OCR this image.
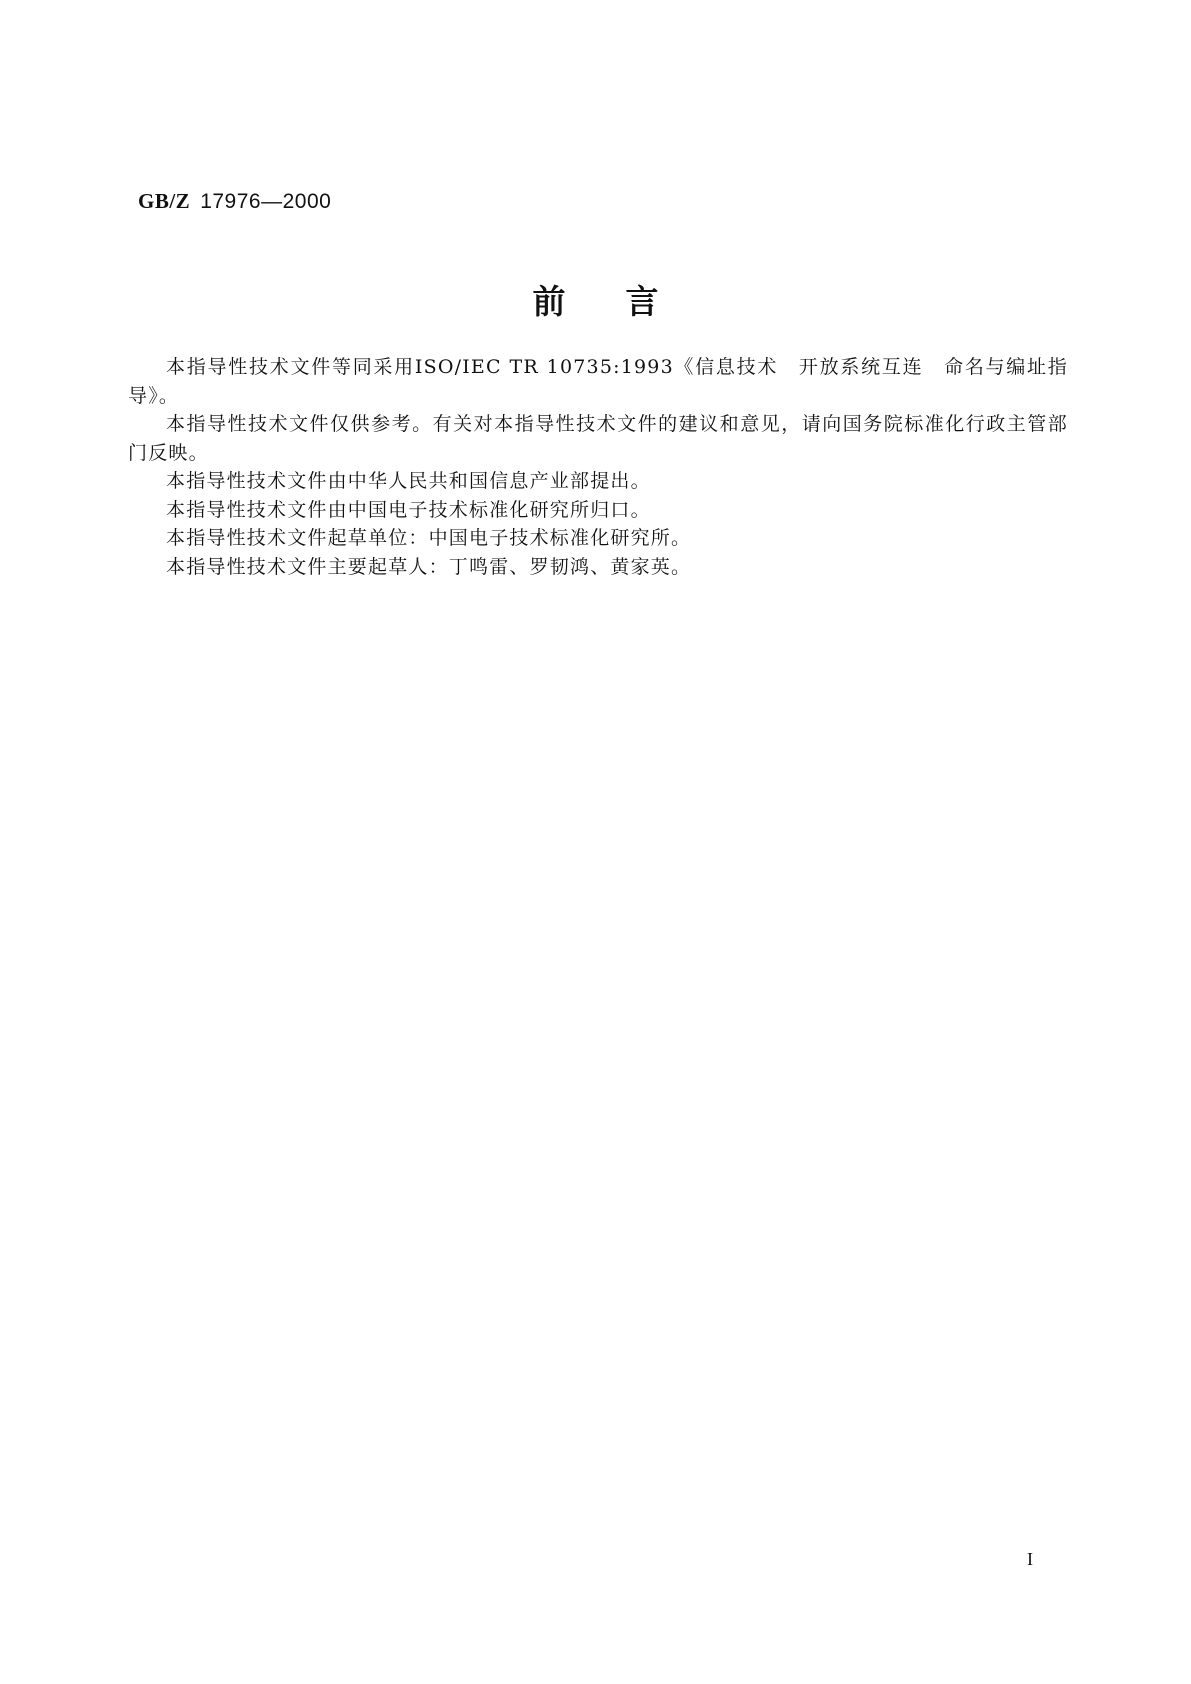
GB/Z 17976—2000
前言

本指导性技术文件等同采用ISO/IEC TR 10735:1993《信息技术　开放系统互连　命名与编址指导》。

本指导性技术文件仅供参考。有关对本指导性技术文件的建议和意见，请向国务院标准化行政主管部门反映。

本指导性技术文件由中华人民共和国信息产业部提出。

本指导性技术文件由中国电子技术标准化研究所归口。

本指导性技术文件起草单位：中国电子技术标准化研究所。

本指导性技术文件主要起草人：丁鸣雷、罗韧鸿、黄家英。

I
